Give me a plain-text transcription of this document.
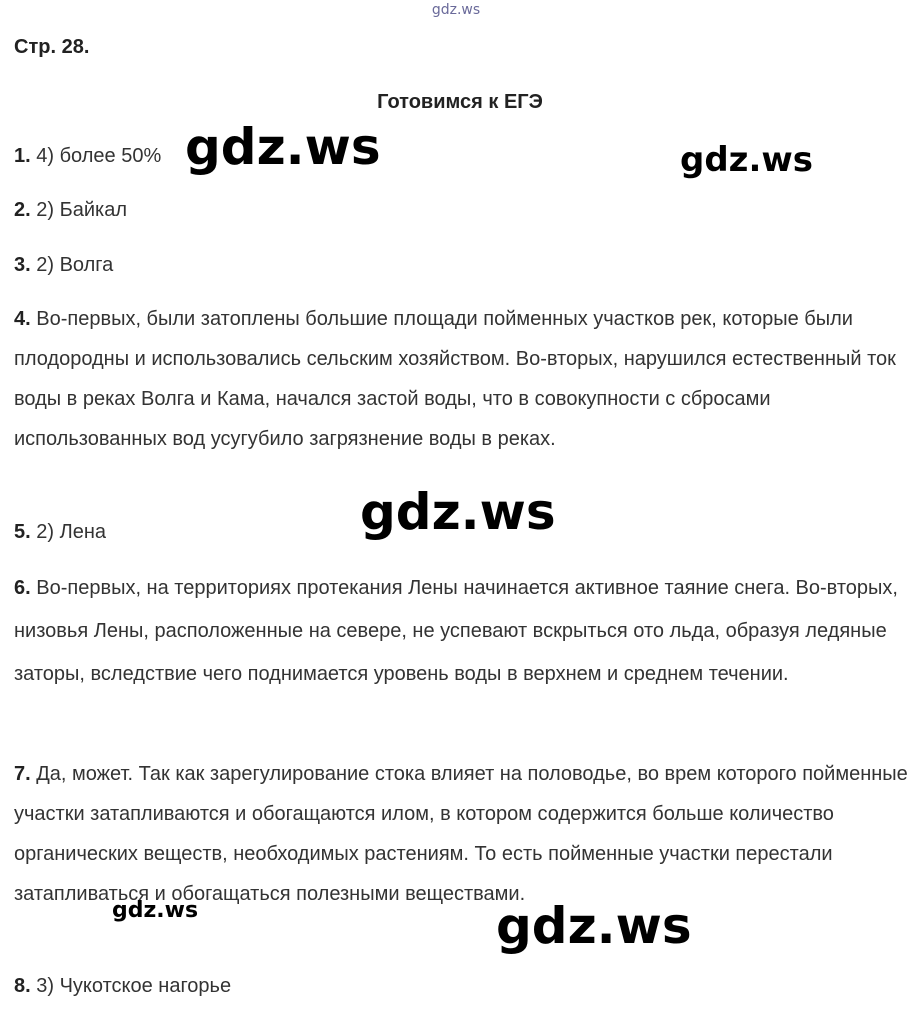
gdz.ws
Стр. 28.
Готовимся к ЕГЭ

1. 4) более 50%

2. 2) Байкал

3. 2) Волга

4. Во-первых, были затоплены большие площади пойменных участков рек, которые были плодородны и использовались сельским хозяйством. Во-вторых, нарушился естественный ток воды в реках Волга и Кама, начался застой воды, что в совокупности с сбросами использованных вод усугубило загрязнение воды в реках.

5. 2) Лена

6. Во-первых, на территориях протекания Лены начинается активное таяние снега. Во-вторых, низовья Лены, расположенные на севере, не успевают вскрыться ото льда, образуя ледяные заторы, вследствие чего поднимается уровень воды в верхнем и среднем течении.

7. Да, может. Так как зарегулирование стока влияет на половодье, во врем которого пойменные участки затапливаются и обогащаются илом, в котором содержится больше количество органических веществ, необходимых растениям. То есть пойменные участки перестали затапливаться и обогащаться полезными веществами.

8. 3) Чукотское нагорье

gdz.ws	gdz.ws
gdz.ws
gdz.ws	gdz.ws
